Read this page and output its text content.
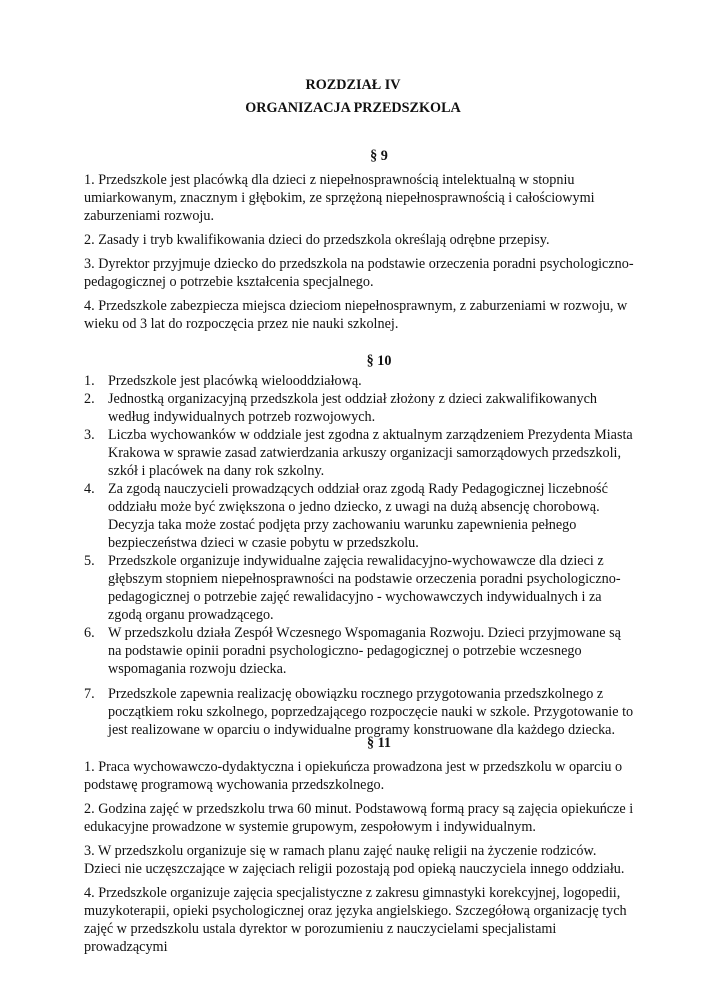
ROZDZIAŁ IV

ORGANIZACJA PRZEDSZKOLA

§ 9

1. Przedszkole jest placówką dla dzieci z niepełnosprawnością intelektualną w stopniu umiarkowanym, znacznym i głębokim, ze sprzężoną niepełnosprawnością i całościowymi zaburzeniami rozwoju.

2. Zasady i tryb kwalifikowania dzieci do przedszkola określają odrębne przepisy.

3. Dyrektor przyjmuje dziecko do przedszkola na podstawie orzeczenia poradni psychologiczno-pedagogicznej o potrzebie kształcenia specjalnego.

4. Przedszkole zabezpiecza miejsca dzieciom niepełnosprawnym, z zaburzeniami w rozwoju, w wieku od 3 lat do rozpoczęcia przez nie nauki szkolnej.

§ 10

1. Przedszkole jest placówką wielooddziałową.
2. Jednostką organizacyjną przedszkola jest oddział złożony z dzieci zakwalifikowanych według indywidualnych potrzeb rozwojowych.
3. Liczba wychowanków w oddziale jest zgodna z aktualnym zarządzeniem Prezydenta Miasta Krakowa w sprawie zasad zatwierdzania arkuszy organizacji samorządowych przedszkoli, szkół i placówek na dany rok szkolny.
4. Za zgodą nauczycieli prowadzących oddział oraz zgodą Rady Pedagogicznej liczebność oddziału może być zwiększona o jedno dziecko, z uwagi na dużą absencję chorobową. Decyzja taka może zostać podjęta przy zachowaniu warunku zapewnienia pełnego bezpieczeństwa dzieci w czasie pobytu w przedszkolu.
5. Przedszkole organizuje indywidualne zajęcia rewalidacyjno-wychowawcze dla dzieci z głębszym stopniem niepełnosprawności na podstawie orzeczenia poradni psychologiczno-pedagogicznej o potrzebie zajęć rewalidacyjno - wychowawczych indywidualnych i za zgodą organu prowadzącego.
6. W przedszkolu działa Zespół Wczesnego Wspomagania Rozwoju. Dzieci przyjmowane są na podstawie opinii poradni psychologiczno- pedagogicznej o potrzebie wczesnego wspomagania rozwoju dziecka.
7. Przedszkole zapewnia realizację obowiązku rocznego przygotowania przedszkolnego z początkiem roku szkolnego, poprzedzającego rozpoczęcie nauki w szkole. Przygotowanie to jest realizowane w oparciu o indywidualne programy konstruowane dla każdego dziecka.

§ 11

1. Praca wychowawczo-dydaktyczna i opiekuńcza prowadzona jest w przedszkolu w oparciu o podstawę programową wychowania przedszkolnego.

2. Godzina zajęć w przedszkolu trwa 60 minut. Podstawową formą pracy są zajęcia opiekuńcze i edukacyjne prowadzone w systemie grupowym, zespołowym i indywidualnym.

3. W przedszkolu organizuje się w ramach planu zajęć naukę religii na życzenie rodziców. Dzieci nie uczęszczające w zajęciach religii pozostają pod opieką nauczyciela innego oddziału.

4. Przedszkole organizuje zajęcia specjalistyczne z zakresu gimnastyki korekcyjnej, logopedii, muzykoterapii, opieki psychologicznej oraz języka angielskiego. Szczegółową organizację tych zajęć w przedszkolu ustala dyrektor w porozumieniu z nauczycielami specjalistami prowadzącymi
